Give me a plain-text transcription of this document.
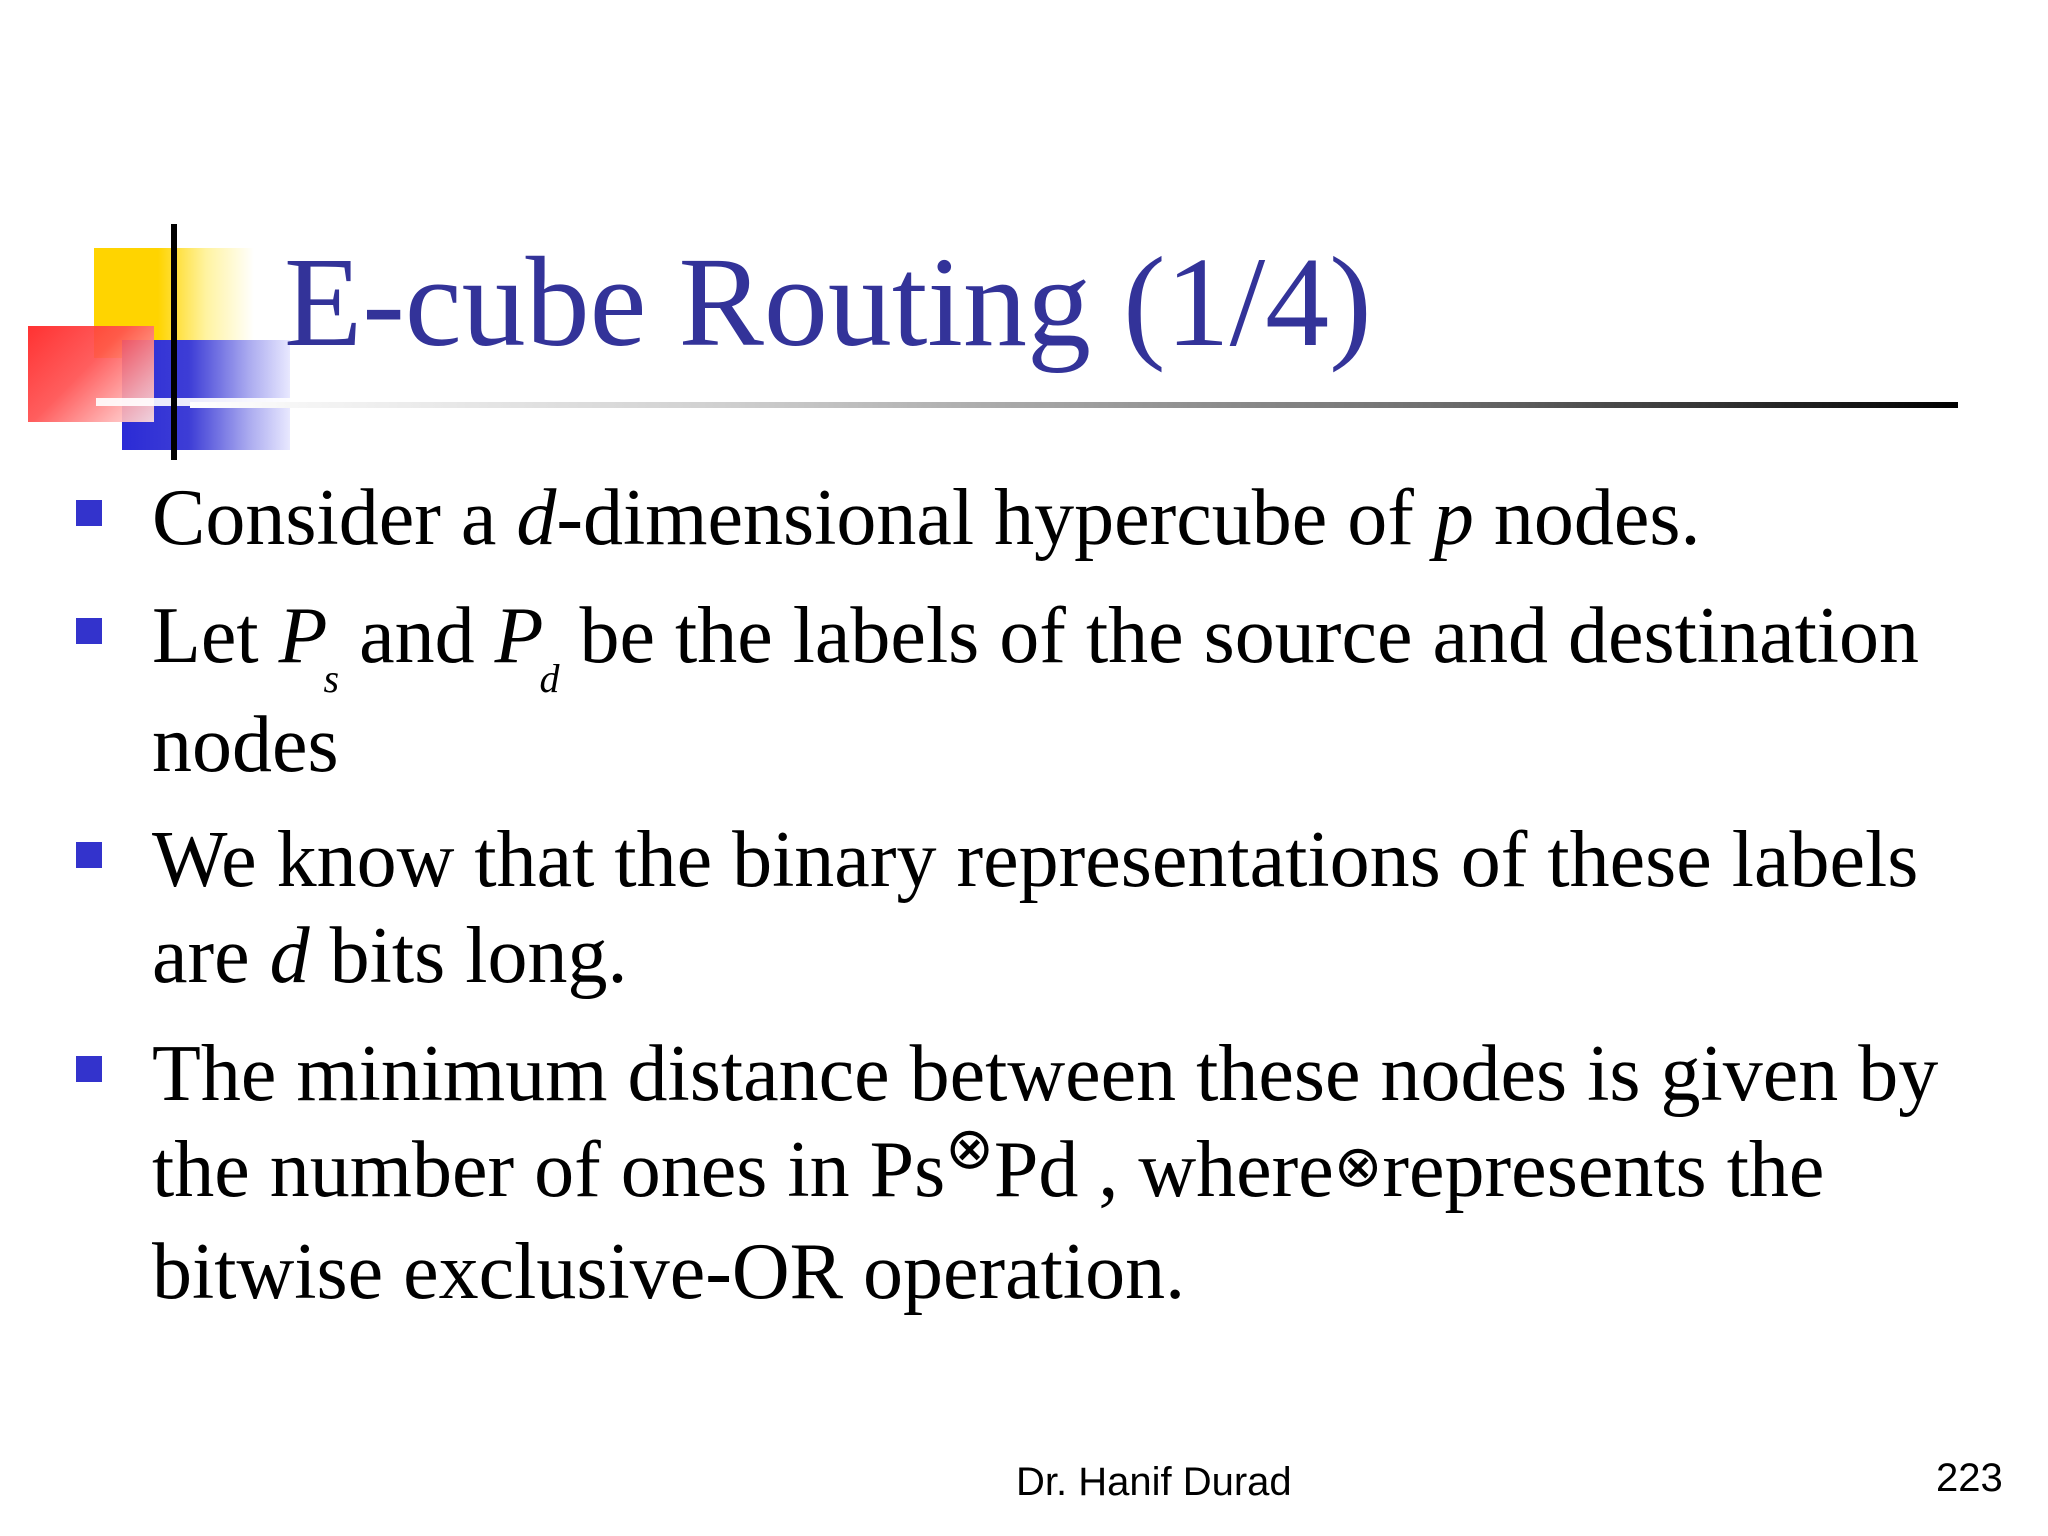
E-cube Routing (1/4)
Consider a d-dimensional hypercube of p nodes.
Let $P_s$ and $P_d$ be the labels of the source and destination
nodes
We know that the binary representations of these labels
are d bits long.
The minimum distance between these nodes is given by
the number of ones in Ps⊗Pd , where⊗represents the
bitwise exclusive-OR operation.
Dr. Hanif Durad	223
